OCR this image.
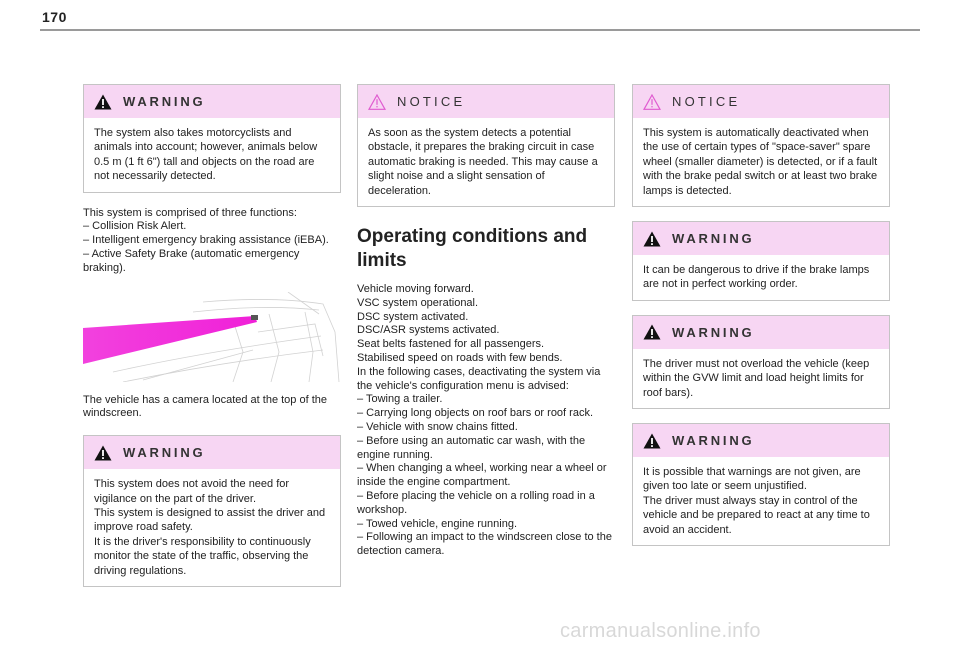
170
WARNING
The system also takes motorcyclists and animals into account; however, animals below 0.5 m (1 ft 6") tall and objects on the road are not necessarily detected.
This system is comprised of three functions:
– Collision Risk Alert.
– Intelligent emergency braking assistance (iEBA).
– Active Safety Brake (automatic emergency braking).
The vehicle has a camera located at the top of the windscreen.
WARNING
This system does not avoid the need for vigilance on the part of the driver.
This system is designed to assist the driver and improve road safety.
It is the driver's responsibility to continuously monitor the state of the traffic, observing the driving regulations.
NOTICE
As soon as the system detects a potential obstacle, it prepares the braking circuit in case automatic braking is needed. This may cause a slight noise and a slight sensation of deceleration.
Operating conditions and limits
Vehicle moving forward.
VSC system operational.
DSC system activated.
DSC/ASR systems activated.
Seat belts fastened for all passengers.
Stabilised speed on roads with few bends.
In the following cases, deactivating the system via the vehicle's configuration menu is advised:
– Towing a trailer.
– Carrying long objects on roof bars or roof rack.
– Vehicle with snow chains fitted.
– Before using an automatic car wash, with the engine running.
– When changing a wheel, working near a wheel or inside the engine compartment.
– Before placing the vehicle on a rolling road in a workshop.
– Towed vehicle, engine running.
– Following an impact to the windscreen close to the detection camera.
NOTICE
This system is automatically deactivated when the use of certain types of "space-saver" spare wheel (smaller diameter) is detected, or if a fault with the brake pedal switch or at least two brake lamps is detected.
WARNING
It can be dangerous to drive if the brake lamps are not in perfect working order.
WARNING
The driver must not overload the vehicle (keep within the GVW limit and load height limits for roof bars).
WARNING
It is possible that warnings are not given, are given too late or seem unjustified.
The driver must always stay in control of the vehicle and be prepared to react at any time to avoid an accident.
carmanualsonline.info
